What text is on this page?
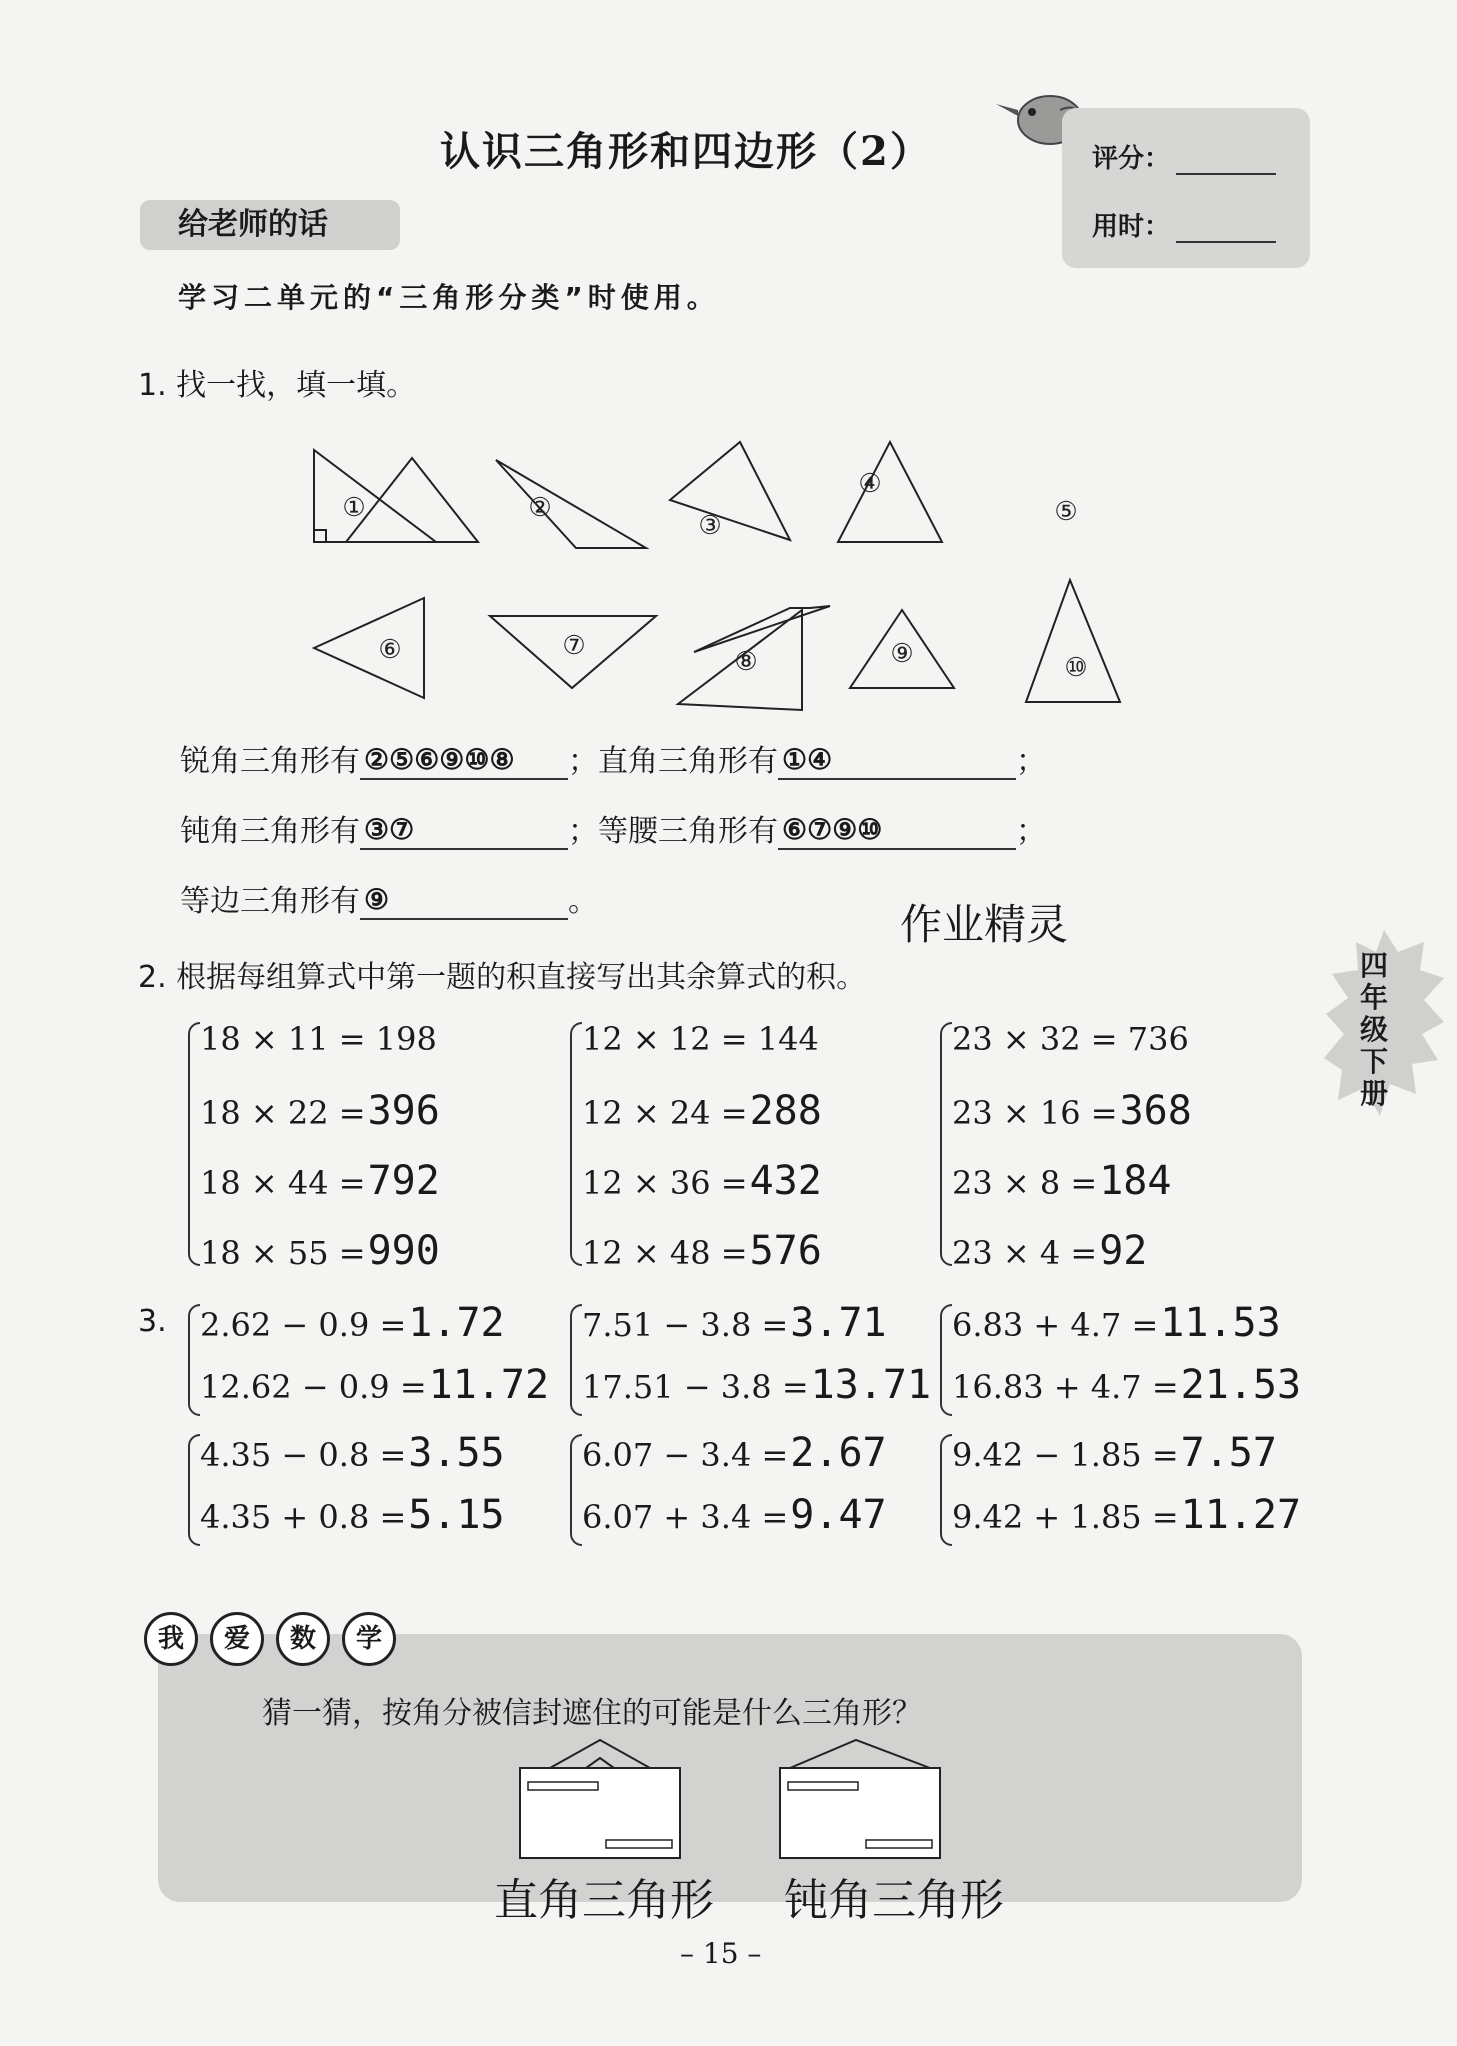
认识三角形和四边形（2）	评分：
用时：
给老师的话
学习二单元的“三角形分类”时使用。
1. 找一找，填一填。
①	②
③
④
⑤
⑥	⑦
⑧	⑨	⑩
锐角三角形有 ②⑤⑥⑨⑩⑧ ；直角三角形有 ①④	；
钝角三角形有 ③⑦	；等腰三角形有 ⑥⑦⑨⑩	；
等边三角形有 ⑨	。	作业精灵
2. 根据每组算式中第一题的积直接写出其余算式的积。
18 × 11 = 198
18 × 22 =396
18 × 44 =792
18 × 55 =990
12 × 12 = 144
12 × 24 =288
12 × 36 =432
12 × 48 =576
23 × 32 = 736
23 × 16 =368
23 × 8 =184
23 × 4 =92
3. 2.62 − 0.9 =1.72
12.62 − 0.9 =11.72
7.51 − 3.8 =3.71
17.51 − 3.8 =13.71
6.83 + 4.7 =11.53
16.83 + 4.7 =21.53
4.35 − 0.8 =3.55
4.35 + 0.8 =5.15
6.07 − 3.4 =2.67
6.07 + 3.4 =9.47
9.42 − 1.85 =7.57
9.42 + 1.85 =11.27
我	爱	数	学
猜一猜，按角分被信封遮住的可能是什么三角形？
直角三角形 钝角三角形
四年级下册
– 15 –
